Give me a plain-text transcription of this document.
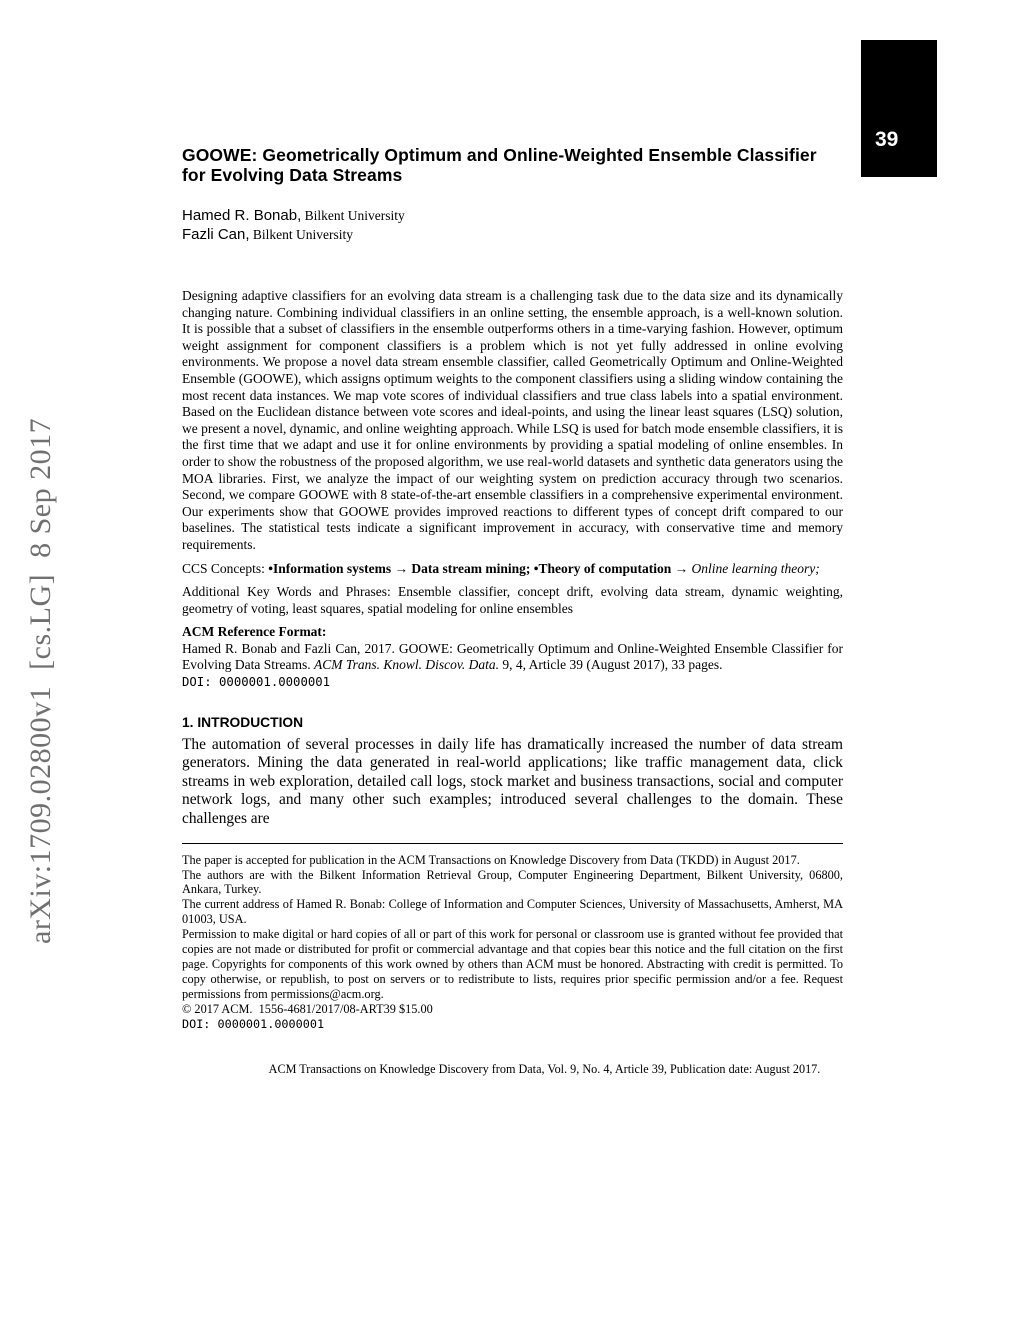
arXiv:1709.02800v1  [cs.LG]  8 Sep 2017
39
GOOWE: Geometrically Optimum and Online-Weighted Ensemble Classifier for Evolving Data Streams
Hamed R. Bonab, Bilkent University
Fazli Can, Bilkent University

Designing adaptive classifiers for an evolving data stream is a challenging task due to the data size and its dynamically changing nature. Combining individual classifiers in an online setting, the ensemble approach, is a well-known solution. It is possible that a subset of classifiers in the ensemble outperforms others in a time-varying fashion. However, optimum weight assignment for component classifiers is a problem which is not yet fully addressed in online evolving environments. We propose a novel data stream ensemble classifier, called Geometrically Optimum and Online-Weighted Ensemble (GOOWE), which assigns optimum weights to the component classifiers using a sliding window containing the most recent data instances. We map vote scores of individual classifiers and true class labels into a spatial environment. Based on the Euclidean distance between vote scores and ideal-points, and using the linear least squares (LSQ) solution, we present a novel, dynamic, and online weighting approach. While LSQ is used for batch mode ensemble classifiers, it is the first time that we adapt and use it for online environments by providing a spatial modeling of online ensembles. In order to show the robustness of the proposed algorithm, we use real-world datasets and synthetic data generators using the MOA libraries. First, we analyze the impact of our weighting system on prediction accuracy through two scenarios. Second, we compare GOOWE with 8 state-of-the-art ensemble classifiers in a comprehensive experimental environment. Our experiments show that GOOWE provides improved reactions to different types of concept drift compared to our baselines. The statistical tests indicate a significant improvement in accuracy, with conservative time and memory requirements.

CCS Concepts: •Information systems → Data stream mining; •Theory of computation → Online learning theory;

Additional Key Words and Phrases: Ensemble classifier, concept drift, evolving data stream, dynamic weighting, geometry of voting, least squares, spatial modeling for online ensembles

ACM Reference Format:

Hamed R. Bonab and Fazli Can, 2017. GOOWE: Geometrically Optimum and Online-Weighted Ensemble Classifier for Evolving Data Streams. ACM Trans. Knowl. Discov. Data. 9, 4, Article 39 (August 2017), 33 pages.

DOI: 0000001.0000001

1. INTRODUCTION

The automation of several processes in daily life has dramatically increased the number of data stream generators. Mining the data generated in real-world applications; like traffic management data, click streams in web exploration, detailed call logs, stock market and business transactions, social and computer network logs, and many other such examples; introduced several challenges to the domain. These challenges are

The paper is accepted for publication in the ACM Transactions on Knowledge Discovery from Data (TKDD) in August 2017.

The authors are with the Bilkent Information Retrieval Group, Computer Engineering Department, Bilkent University, 06800, Ankara, Turkey.

The current address of Hamed R. Bonab: College of Information and Computer Sciences, University of Massachusetts, Amherst, MA 01003, USA.

Permission to make digital or hard copies of all or part of this work for personal or classroom use is granted without fee provided that copies are not made or distributed for profit or commercial advantage and that copies bear this notice and the full citation on the first page. Copyrights for components of this work owned by others than ACM must be honored. Abstracting with credit is permitted. To copy otherwise, or republish, to post on servers or to redistribute to lists, requires prior specific permission and/or a fee. Request permissions from permissions@acm.org.

© 2017 ACM.  1556-4681/2017/08-ART39 $15.00

DOI: 0000001.0000001

ACM Transactions on Knowledge Discovery from Data, Vol. 9, No. 4, Article 39, Publication date: August 2017.
